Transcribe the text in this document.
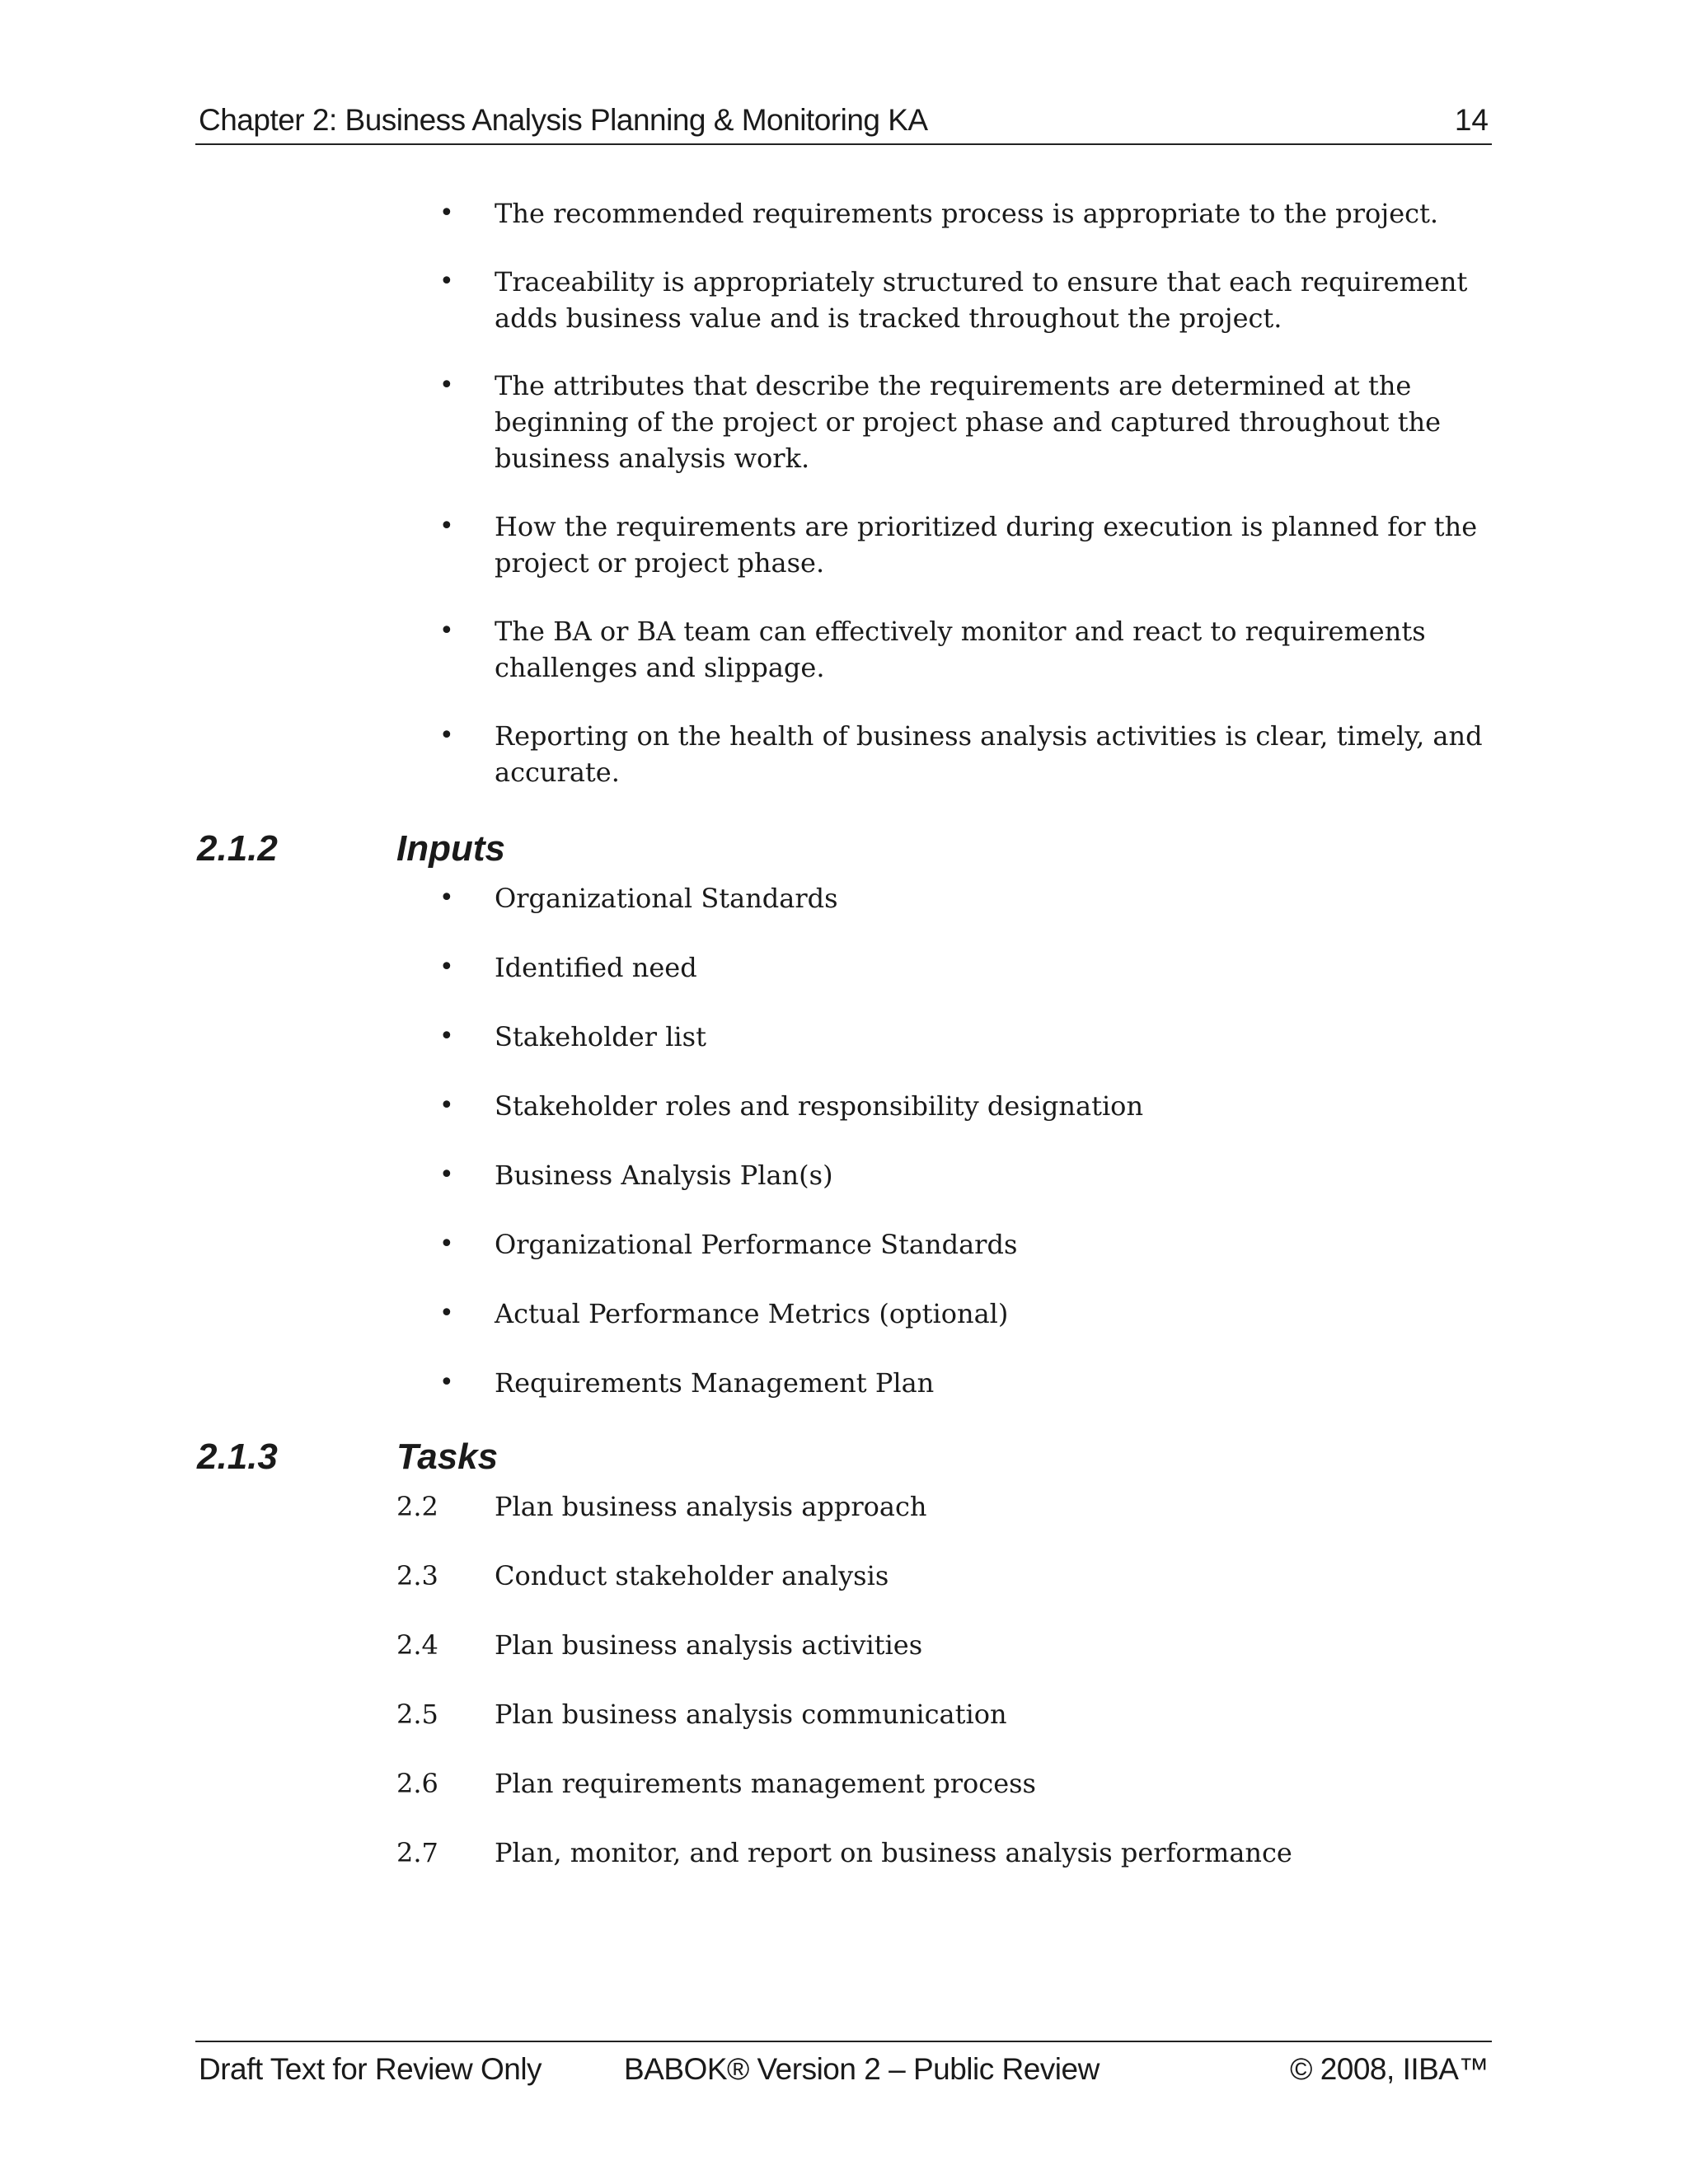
Chapter 2: Business Analysis Planning & Monitoring KA	14
• The recommended requirements process is appropriate to the project.
• Traceability is appropriately structured to ensure that each requirement adds business value and is tracked throughout the project.
• The attributes that describe the requirements are determined at the beginning of the project or project phase and captured throughout the business analysis work.
• How the requirements are prioritized during execution is planned for the project or project phase.
• The BA or BA team can effectively monitor and react to requirements challenges and slippage.
• Reporting on the health of business analysis activities is clear, timely, and accurate.
2.1.2	Inputs
• Organizational Standards
• Identified need
• Stakeholder list
• Stakeholder roles and responsibility designation
• Business Analysis Plan(s)
• Organizational Performance Standards
• Actual Performance Metrics (optional)
• Requirements Management Plan
2.1.3	Tasks
2.2 Plan business analysis approach
2.3 Conduct stakeholder analysis
2.4 Plan business analysis activities
2.5 Plan business analysis communication
2.6 Plan requirements management process
2.7 Plan, monitor, and report on business analysis performance
Draft Text for Review Only	BABOK® Version 2 – Public Review	© 2008, IIBA™
